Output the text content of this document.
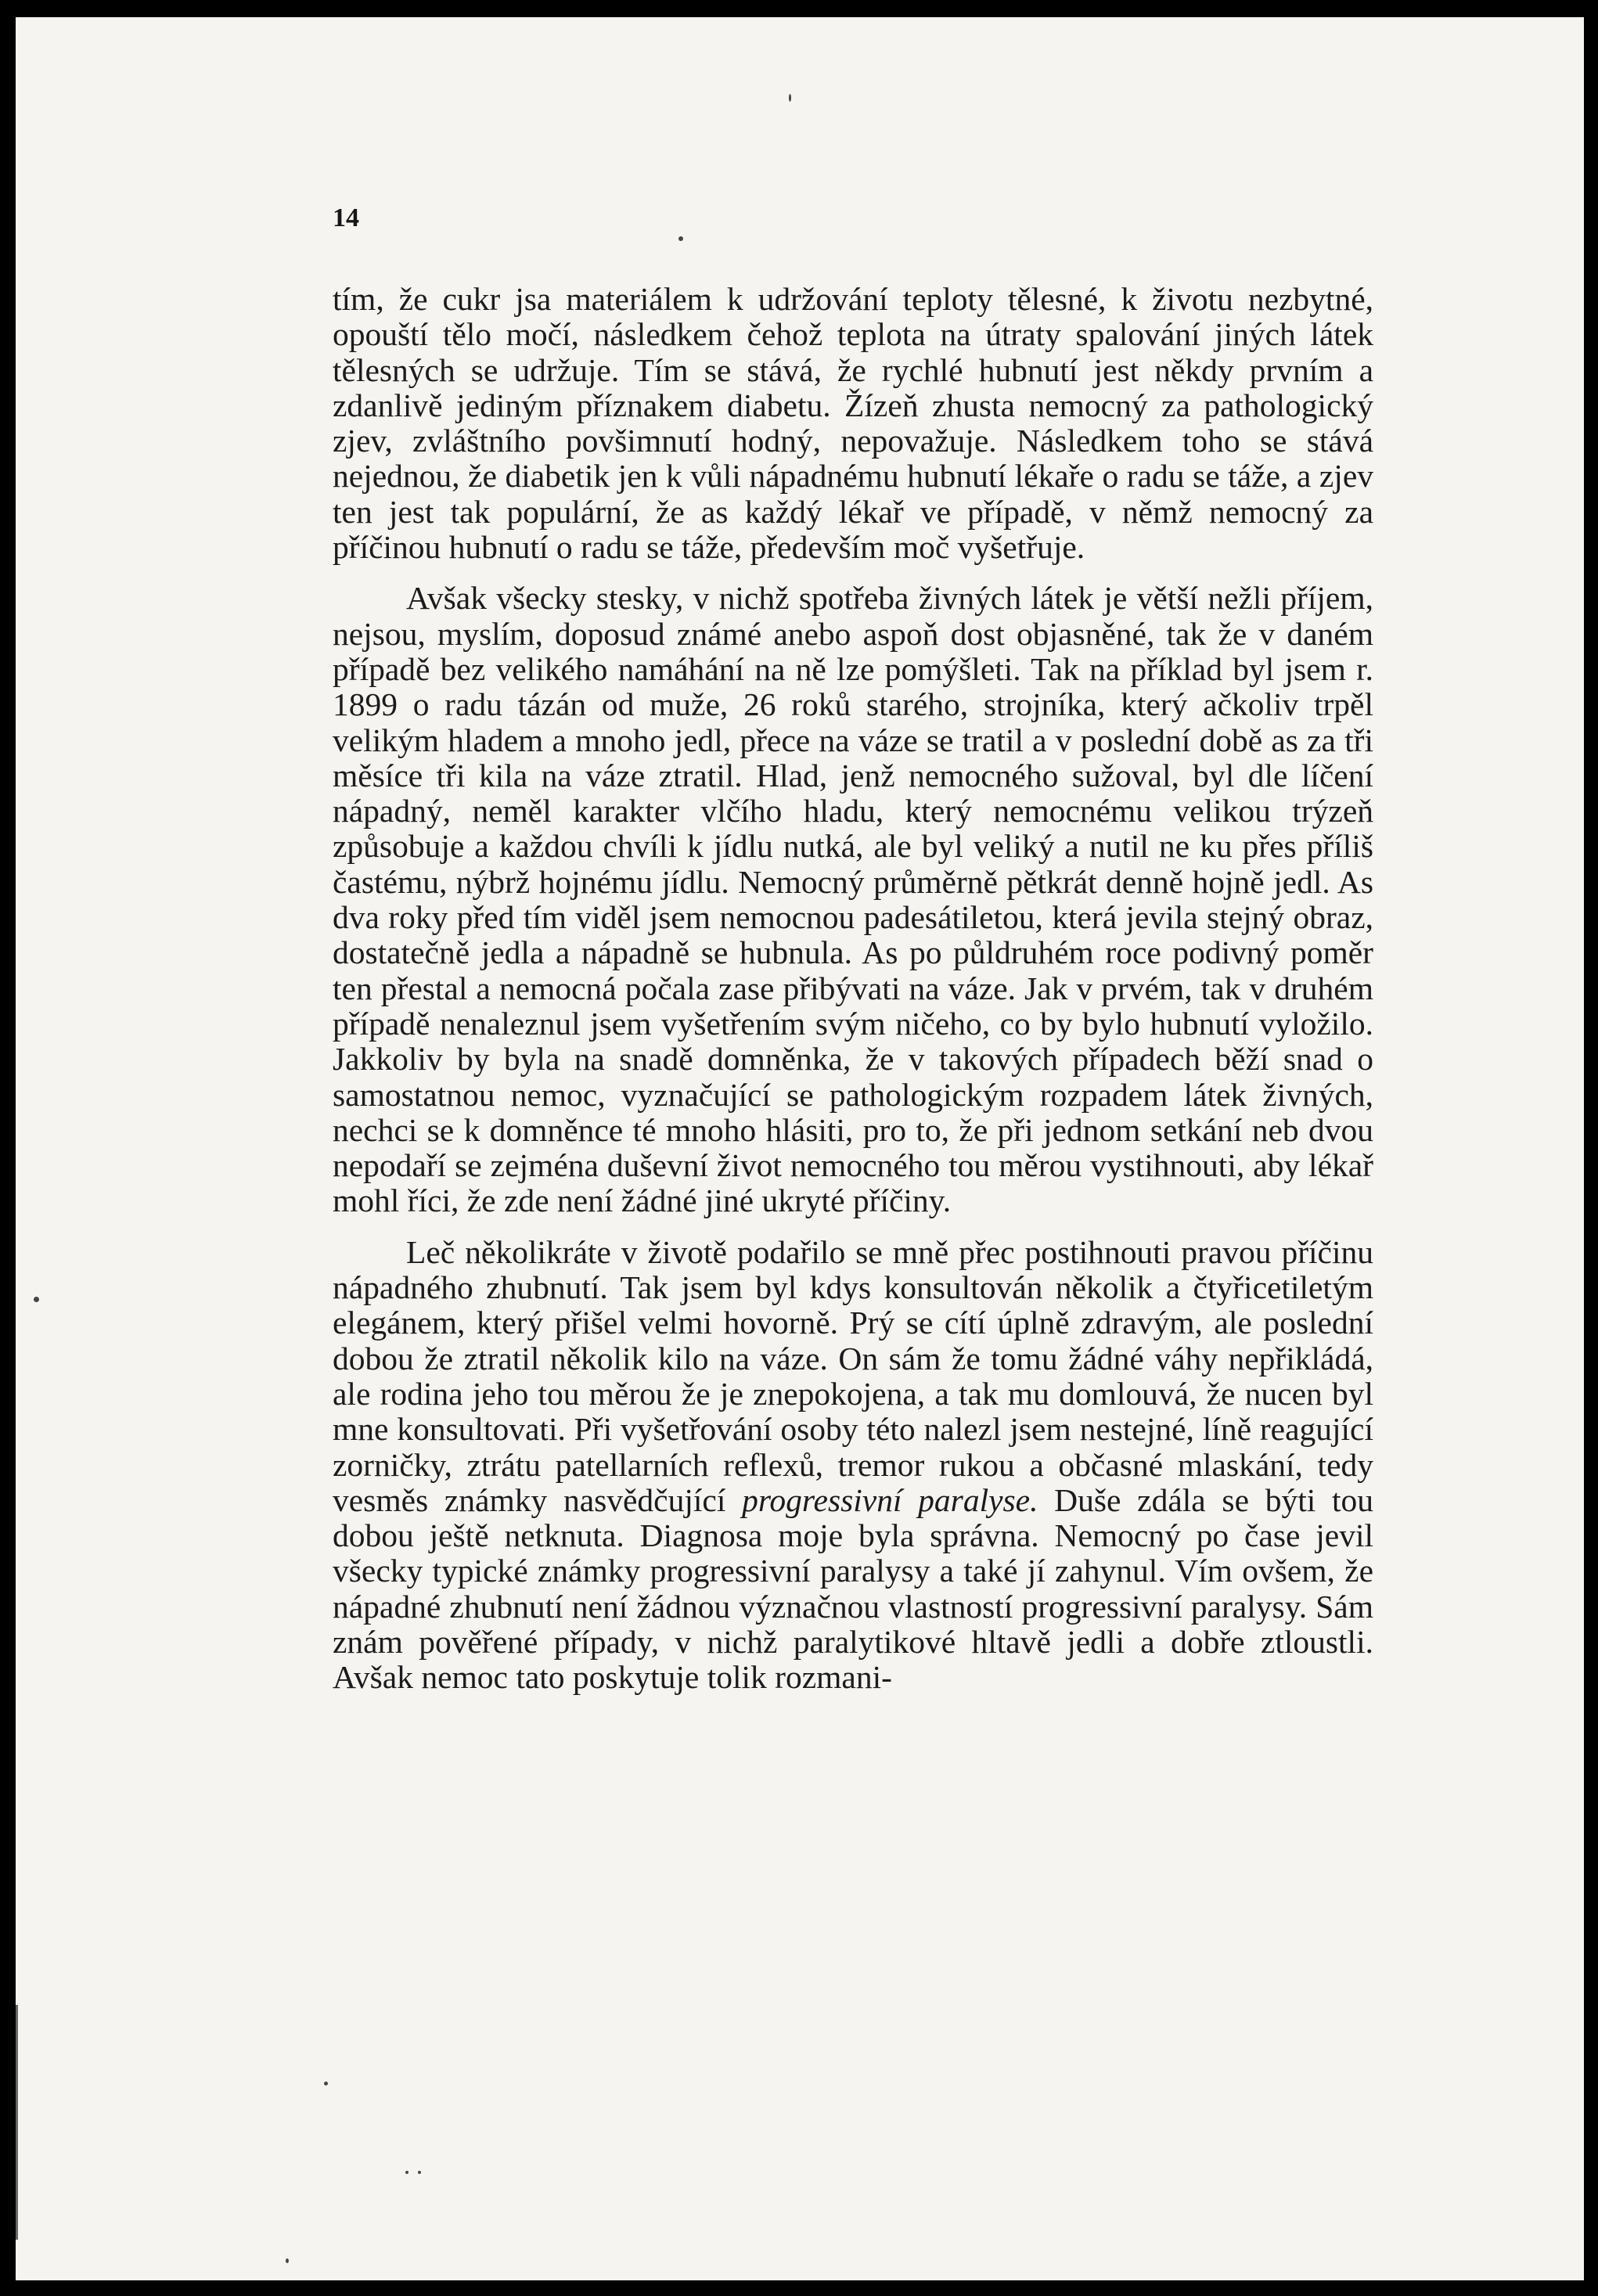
14

tím, že cukr jsa materiálem k udržování teploty tělesné, k životu nezbytné, opouští tělo močí, následkem čehož teplota na útraty spalování jiných látek tělesných se udržuje. Tím se stává, že rychlé hubnutí jest někdy prvním a zdanlivě jediným příznakem diabetu. Žízeň zhusta nemocný za pathologický zjev, zvláštního povšimnutí hodný, nepovažuje. Následkem toho se stává nejednou, že diabetik jen k vůli nápadnému hubnutí lékaře o radu se táže, a zjev ten jest tak populární, že as každý lékař ve případě, v němž nemocný za příčinou hubnutí o radu se táže, především moč vyšetřuje.

Avšak všecky stesky, v nichž spotřeba živných látek je větší nežli příjem, nejsou, myslím, doposud známé anebo aspoň dost objasněné, tak že v daném případě bez velikého namáhání na ně lze pomýšleti. Tak na příklad byl jsem r. 1899 o radu tázán od muže, 26 roků starého, strojníka, který ačkoliv trpěl velikým hladem a mnoho jedl, přece na váze se tratil a v poslední době as za tři měsíce tři kila na váze ztratil. Hlad, jenž nemocného sužoval, byl dle líčení nápadný, neměl karakter vlčího hladu, který nemocnému velikou trýzeň způsobuje a každou chvíli k jídlu nutká, ale byl veliký a nutil ne ku přes příliš častému, nýbrž hojnému jídlu. Nemocný průměrně pětkrát denně hojně jedl. As dva roky před tím viděl jsem nemocnou padesátiletou, která jevila stejný obraz, dostatečně jedla a nápadně se hubnula. As po půldruhém roce podivný poměr ten přestal a nemocná počala zase přibývati na váze. Jak v prvém, tak v druhém případě nenaleznul jsem vyšetřením svým ničeho, co by bylo hubnutí vyložilo. Jakkoliv by byla na snadě domněnka, že v takových případech běží snad o samostatnou nemoc, vyznačující se pathologickým rozpadem látek živných, nechci se k domněnce té mnoho hlásiti, pro to, že při jednom setkání neb dvou nepodaří se zejména duševní život nemocného tou měrou vystihnouti, aby lékař mohl říci, že zde není žádné jiné ukryté příčiny.

Leč několikráte v životě podařilo se mně přec postihnouti pravou příčinu nápadného zhubnutí. Tak jsem byl kdys konsultován několik a čtyřicetiletým elegánem, který přišel velmi hovorně. Prý se cítí úplně zdravým, ale poslední dobou že ztratil několik kilo na váze. On sám že tomu žádné váhy nepřikládá, ale rodina jeho tou měrou že je znepokojena, a tak mu domlouvá, že nucen byl mne konsultovati. Při vyšetřování osoby této nalezl jsem nestejné, líně reagující zorničky, ztrátu patellarních reflexů, tremor rukou a občasné mlaskání, tedy vesměs známky nasvědčující progressivní paralyse. Duše zdála se býti tou dobou ještě netknuta. Diagnosa moje byla správna. Nemocný po čase jevil všecky typické známky progressivní paralysy a také jí zahynul. Vím ovšem, že nápadné zhubnutí není žádnou význačnou vlastností progressivní paralysy. Sám znám pověřené případy, v nichž paralytikové hltavě jedli a dobře ztloustli. Avšak nemoc tato poskytuje tolik rozmani-
